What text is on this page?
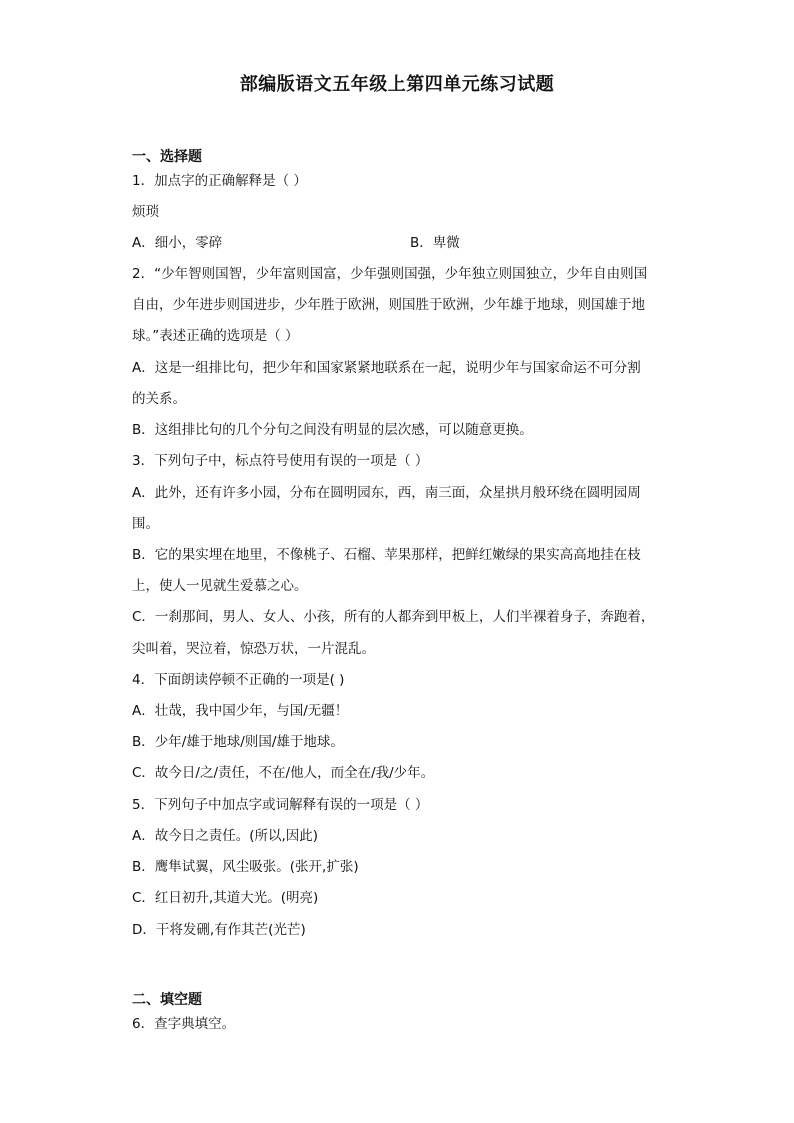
部编版语文五年级上第四单元练习试题
一、选择题
1．加点字的正确解释是（ ）
烦琐
A．细小，零碎	B．卑微
2．“少年智则国智，少年富则国富，少年强则国强，少年独立则国独立，少年自由则国
自由，少年进步则国进步，少年胜于欧洲，则国胜于欧洲，少年雄于地球，则国雄于地
球。”表述正确的选项是（ ）
A．这是一组排比句，把少年和国家紧紧地联系在一起，说明少年与国家命运不可分割
的关系。
B．这组排比句的几个分句之间没有明显的层次感，可以随意更换。
3．下列句子中，标点符号使用有误的一项是（ ）
A．此外，还有许多小园，分布在圆明园东，西，南三面，众星拱月般环绕在圆明园周
围。
B．它的果实埋在地里，不像桃子、石榴、苹果那样，把鲜红嫩绿的果实高高地挂在枝
上，使人一见就生爱慕之心。
C．一刹那间，男人、女人、小孩，所有的人都奔到甲板上，人们半裸着身子，奔跑着，
尖叫着，哭泣着，惊恐万状，一片混乱。
4．下面朗读停顿不正确的一项是( )
A．壮哉，我中国少年，与国/无疆！
B．少年/雄于地球/则国/雄于地球。
C．故今日/之/责任，不在/他人，而全在/我/少年。
5．下列句子中加点字或词解释有误的一项是（ ）
A．故今日之责任。(所以,因此)
B．鹰隼试翼，风尘吸张。(张开,扩张)
C．红日初升,其道大光。(明亮)
D．干将发硎,有作其芒(光芒)
二、填空题
6．查字典填空。
